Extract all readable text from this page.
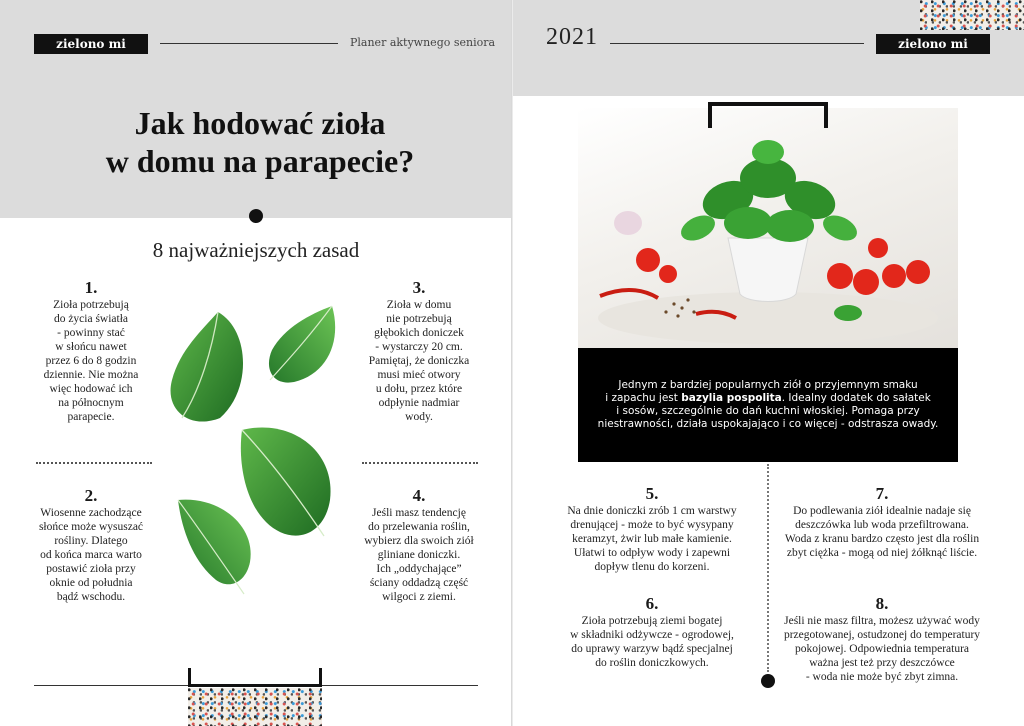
zielono mi	Planer aktywnego seniora 2021	zielono mi
Jak hodować zioła
w domu na parapecie?
8 najważniejszych zasad
1.
Zioła potrzebują
do życia światła
- powinny stać
w słońcu nawet
przez 6 do 8 godzin
dziennie. Nie można
więc hodować ich
na północnym
parapecie.
2.
Wiosenne zachodzące
słońce może wysuszać
rośliny. Dlatego
od końca marca warto
postawić zioła przy
oknie od południa
bądź wschodu.
3.
Zioła w domu
nie potrzebują
głębokich doniczek
- wystarczy 20 cm.
Pamiętaj, że doniczka
musi mieć otwory
u dołu, przez które
odpłynie nadmiar
wody.
4.
Jeśli masz tendencję
do przelewania roślin,
wybierz dla swoich ziół
gliniane doniczki.
Ich „oddychające”
ściany oddadzą część
wilgoci z ziemi.
Jednym z bardziej popularnych ziół o przyjemnym smaku
i zapachu jest bazylia pospolita. Idealny dodatek do sałatek
i sosów, szczególnie do dań kuchni włoskiej. Pomaga przy
niestrawności, działa uspokajająco i co więcej - odstrasza owady.
5.
Na dnie doniczki zrób 1 cm warstwy
drenującej - może to być wysypany
keramzyt, żwir lub małe kamienie.
Ułatwi to odpływ wody i zapewni
dopływ tlenu do korzeni.
6.
Zioła potrzebują ziemi bogatej
w składniki odżywcze - ogrodowej,
do uprawy warzyw bądź specjalnej
do roślin doniczkowych.
7.
Do podlewania ziół idealnie nadaje się
deszczówka lub woda przefiltrowana.
Woda z kranu bardzo często jest dla roślin
zbyt ciężka - mogą od niej żółknąć liście.
8.
Jeśli nie masz filtra, możesz używać wody
przegotowanej, ostudzonej do temperatury
pokojowej. Odpowiednia temperatura
ważna jest też przy deszczówce
- woda nie może być zbyt zimna.
